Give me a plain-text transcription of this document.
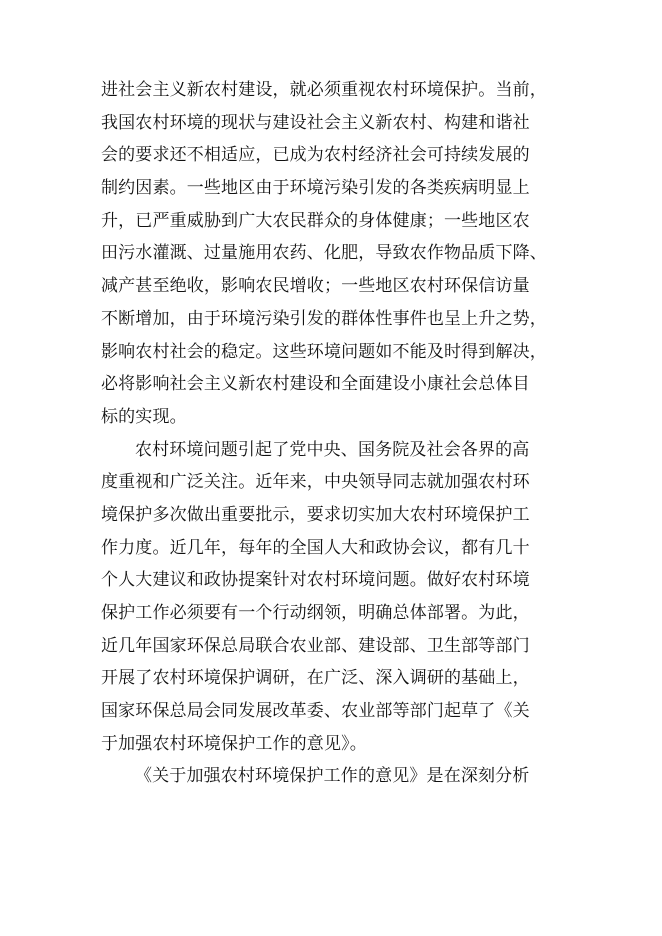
进社会主义新农村建设，就必须重视农村环境保护。当前，
我国农村环境的现状与建设社会主义新农村、构建和谐社
会的要求还不相适应，已成为农村经济社会可持续发展的
制约因素。一些地区由于环境污染引发的各类疾病明显上
升，已严重威胁到广大农民群众的身体健康；一些地区农
田污水灌溉、过量施用农药、化肥，导致农作物品质下降、
减产甚至绝收，影响农民增收；一些地区农村环保信访量
不断增加，由于环境污染引发的群体性事件也呈上升之势，
影响农村社会的稳定。这些环境问题如不能及时得到解决，
必将影响社会主义新农村建设和全面建设小康社会总体目
标的实现。
农村环境问题引起了党中央、国务院及社会各界的高
度重视和广泛关注。近年来，中央领导同志就加强农村环
境保护多次做出重要批示，要求切实加大农村环境保护工
作力度。近几年，每年的全国人大和政协会议，都有几十
个人大建议和政协提案针对农村环境问题。做好农村环境
保护工作必须要有一个行动纲领，明确总体部署。为此，
近几年国家环保总局联合农业部、建设部、卫生部等部门
开展了农村环境保护调研，在广泛、深入调研的基础上，
国家环保总局会同发展改革委、农业部等部门起草了《关
于加强农村环境保护工作的意见》。
《关于加强农村环境保护工作的意见》是在深刻分析
